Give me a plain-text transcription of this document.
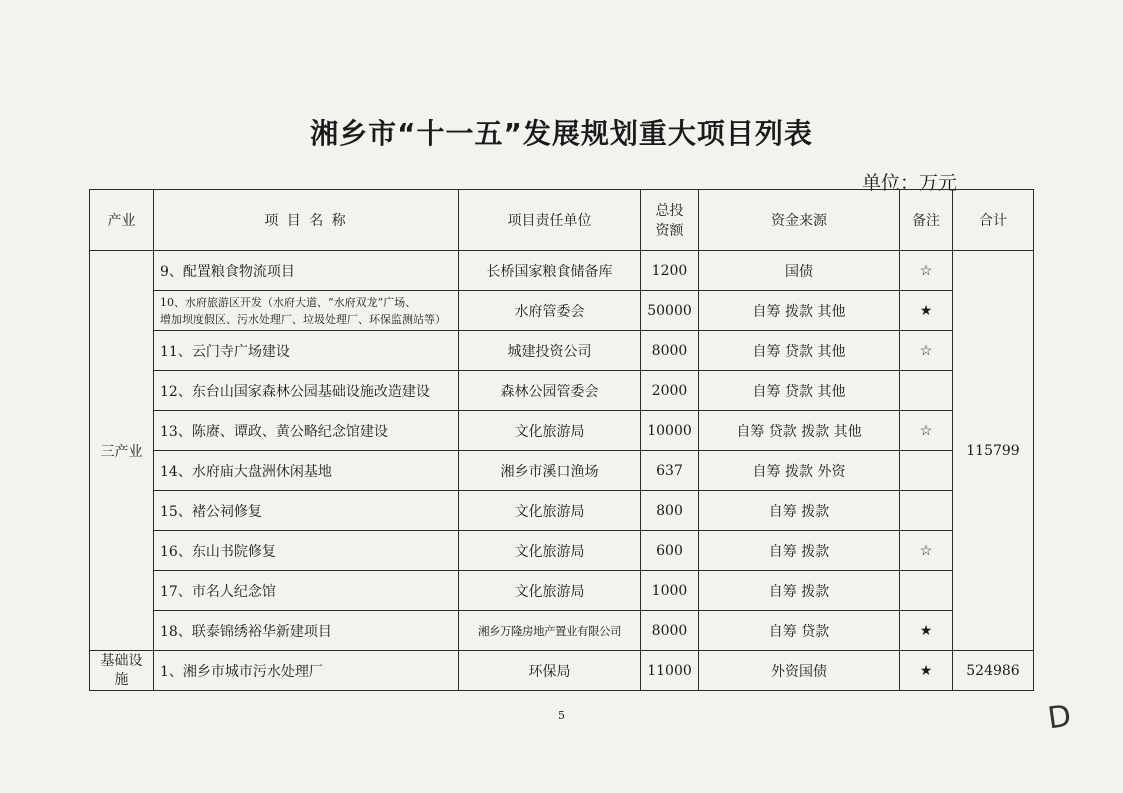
湘乡市“十一五”发展规划重大项目列表
单位：万元
产业	项 目 名 称	项目责任单位	总投
资额	资金来源	备注	合计
三产业	9、配置粮食物流项目	长桥国家粮食储备库	1200	国债	☆	115799
	10、水府旅游区开发（水府大道、“水府双龙”广场、
增加坝度假区、污水处理厂、垃圾处理厂、环保监测站等）	水府管委会	50000	自筹 拨款 其他	★	
	11、云门寺广场建设	城建投资公司	8000	自筹 贷款 其他	☆	
	12、东台山国家森林公园基础设施改造建设	森林公园管委会	2000	自筹 贷款 其他		
	13、陈赓、谭政、黄公略纪念馆建设	文化旅游局	10000	自筹 贷款 拨款 其他	☆	
	14、水府庙大盘洲休闲基地	湘乡市溪口渔场	637	自筹 拨款 外资		
	15、褚公祠修复	文化旅游局	800	自筹 拨款		
	16、东山书院修复	文化旅游局	600	自筹 拨款	☆	
	17、市名人纪念馆	文化旅游局	1000	自筹 拨款		
	18、联泰锦绣裕华新建项目	湘乡万隆房地产置业有限公司	8000	自筹 贷款	★	
基础设施	1、湘乡市城市污水处理厂	环保局	11000	外资国债	★	524986
5	D
